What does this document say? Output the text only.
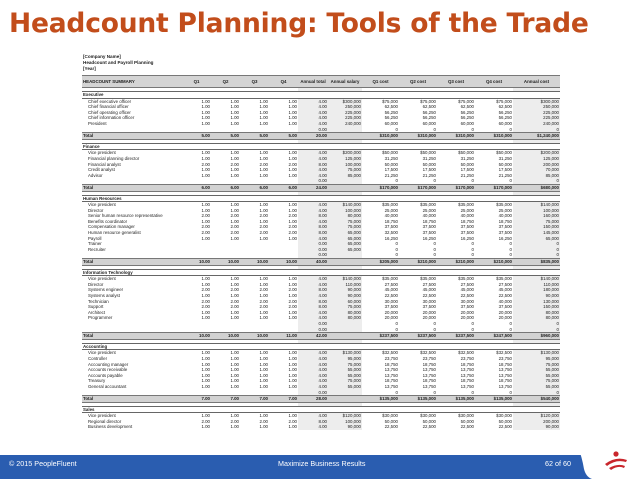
Headcount Planning: Tools of the Trade
[Company Name]
Headcount and Payroll Planning
[Year]
HEADCOUNT SUMMARY	Q1	Q2	Q3	Q4	Annual total	Annual salary	Q1 cost	Q2 cost	Q3 cost	Q4 cost	Annual cost

Executive											
Chief executive officer	1.00	1.00	1.00	1.00	4.00	$300,000	$75,000	$75,000	$75,000	$75,000	$300,000
Chief financial officer	1.00	1.00	1.00	1.00	4.00	250,000	62,500	62,500	62,500	62,500	250,000
Chief operating officer	1.00	1.00	1.00	1.00	4.00	225,000	56,250	56,250	56,250	56,250	225,000
Chief information officer	1.00	1.00	1.00	1.00	4.00	225,000	56,250	56,250	56,250	56,250	225,000
President	1.00	1.00	1.00	1.00	4.00	240,000	60,000	60,000	60,000	60,000	240,000
					0.00		0	0	0	0	0
Total	5.00	5.00	5.00	5.00	20.00		$310,000	$310,000	$310,000	$310,000	$1,240,000

Finance											
Vice president	1.00	1.00	1.00	1.00	4.00	$200,000	$50,000	$50,000	$50,000	$50,000	$200,000
Financial planning director	1.00	1.00	1.00	1.00	4.00	125,000	31,250	31,250	31,250	31,250	125,000
Financial analyst	2.00	2.00	2.00	2.00	8.00	100,000	50,000	50,000	50,000	50,000	200,000
Credit analyst	1.00	1.00	1.00	1.00	4.00	75,000	17,500	17,500	17,500	17,500	70,000
Advisor	1.00	1.00	1.00	1.00	4.00	85,000	21,250	21,250	21,250	21,250	85,000
					0.00		0	0	0	0	0
Total	6.00	6.00	6.00	6.00	24.00		$170,000	$170,000	$170,000	$170,000	$680,000

Human Resources											
Vice president	1.00	1.00	1.00	1.00	4.00	$140,000	$35,000	$35,000	$35,000	$35,000	$140,000
Director	1.00	1.00	1.00	1.00	4.00	100,000	25,000	25,000	25,000	25,000	100,000
Senior human resource representative	2.00	2.00	2.00	2.00	8.00	80,000	40,000	40,000	40,000	40,000	160,000
Benefits coordinator	1.00	1.00	1.00	1.00	4.00	75,000	18,750	18,750	18,750	18,750	75,000
Compensation manager	2.00	2.00	2.00	2.00	8.00	75,000	37,500	37,500	37,500	37,500	150,000
Human resource generalist	2.00	2.00	2.00	2.00	8.00	65,000	32,500	37,500	37,500	37,500	145,000
Payroll	1.00	1.00	1.00	1.00	4.00	65,000	16,250	16,250	16,250	16,250	65,000
Trainer					0.00	65,000	0	0	0	0	0
Recruiter					0.00	65,000	0	0	0	0	0
					0.00		0	0	0	0	0
Total	10.00	10.00	10.00	10.00	40.00		$205,000	$210,000	$210,000	$210,000	$835,000

Information Technology											
Vice president	1.00	1.00	1.00	1.00	4.00	$140,000	$35,000	$35,000	$35,000	$35,000	$140,000
Director	1.00	1.00	1.00	1.00	4.00	110,000	27,500	27,500	27,500	27,500	110,000
Systems engineer	2.00	2.00	2.00	2.00	8.00	90,000	45,000	45,000	45,000	45,000	180,000
Systems analyst	1.00	1.00	1.00	1.00	4.00	90,000	22,500	22,500	22,500	22,500	90,000
Technician	2.00	2.00	2.00	2.00	8.00	60,000	30,000	30,000	30,000	40,000	130,000
Support	2.00	2.00	2.00	2.00	8.00	75,000	37,500	37,500	37,500	37,500	150,000
Architect	1.00	1.00	1.00	1.00	4.00	80,000	20,000	20,000	20,000	20,000	80,000
Programmer	1.00	1.00	1.00	1.00	4.00	80,000	20,000	20,000	20,000	20,000	80,000
					0.00		0	0	0	0	0
					0.00		0	0	0	0	0
Total	10.00	10.00	10.00	11.00	42.00		$237,500	$237,500	$237,500	$247,500	$960,000

Accounting											
Vice president	1.00	1.00	1.00	1.00	4.00	$130,000	$32,500	$32,500	$32,500	$32,500	$130,000
Controller	1.00	1.00	1.00	1.00	4.00	95,000	23,750	23,750	23,750	23,750	95,000
Accounting manager	1.00	1.00	1.00	1.00	4.00	75,000	18,750	18,750	18,750	18,750	75,000
Accounts receivable	1.00	1.00	1.00	1.00	4.00	55,000	13,750	13,750	13,750	13,750	55,000
Accounts payable	1.00	1.00	1.00	1.00	4.00	55,000	13,750	13,750	13,750	13,750	55,000
Treasury	1.00	1.00	1.00	1.00	4.00	75,000	18,750	18,750	18,750	18,750	75,000
General accountant	1.00	1.00	1.00	1.00	4.00	55,000	13,750	13,750	13,750	13,750	55,000
					0.00		0	0	0	0	0
Total	7.00	7.00	7.00	7.00	28.00		$135,000	$135,000	$135,000	$135,000	$540,000

Sales											
Vice president	1.00	1.00	1.00	1.00	4.00	$120,000	$30,000	$30,000	$30,000	$30,000	$120,000
Regional director	2.00	2.00	2.00	2.00	8.00	100,000	50,000	50,000	50,000	50,000	200,000
Business development	1.00	1.00	1.00	1.00	4.00	90,000	22,500	22,500	22,500	22,500	90,000
© 2015 PeopleFluent	Maximize Business Results	62 of 60
